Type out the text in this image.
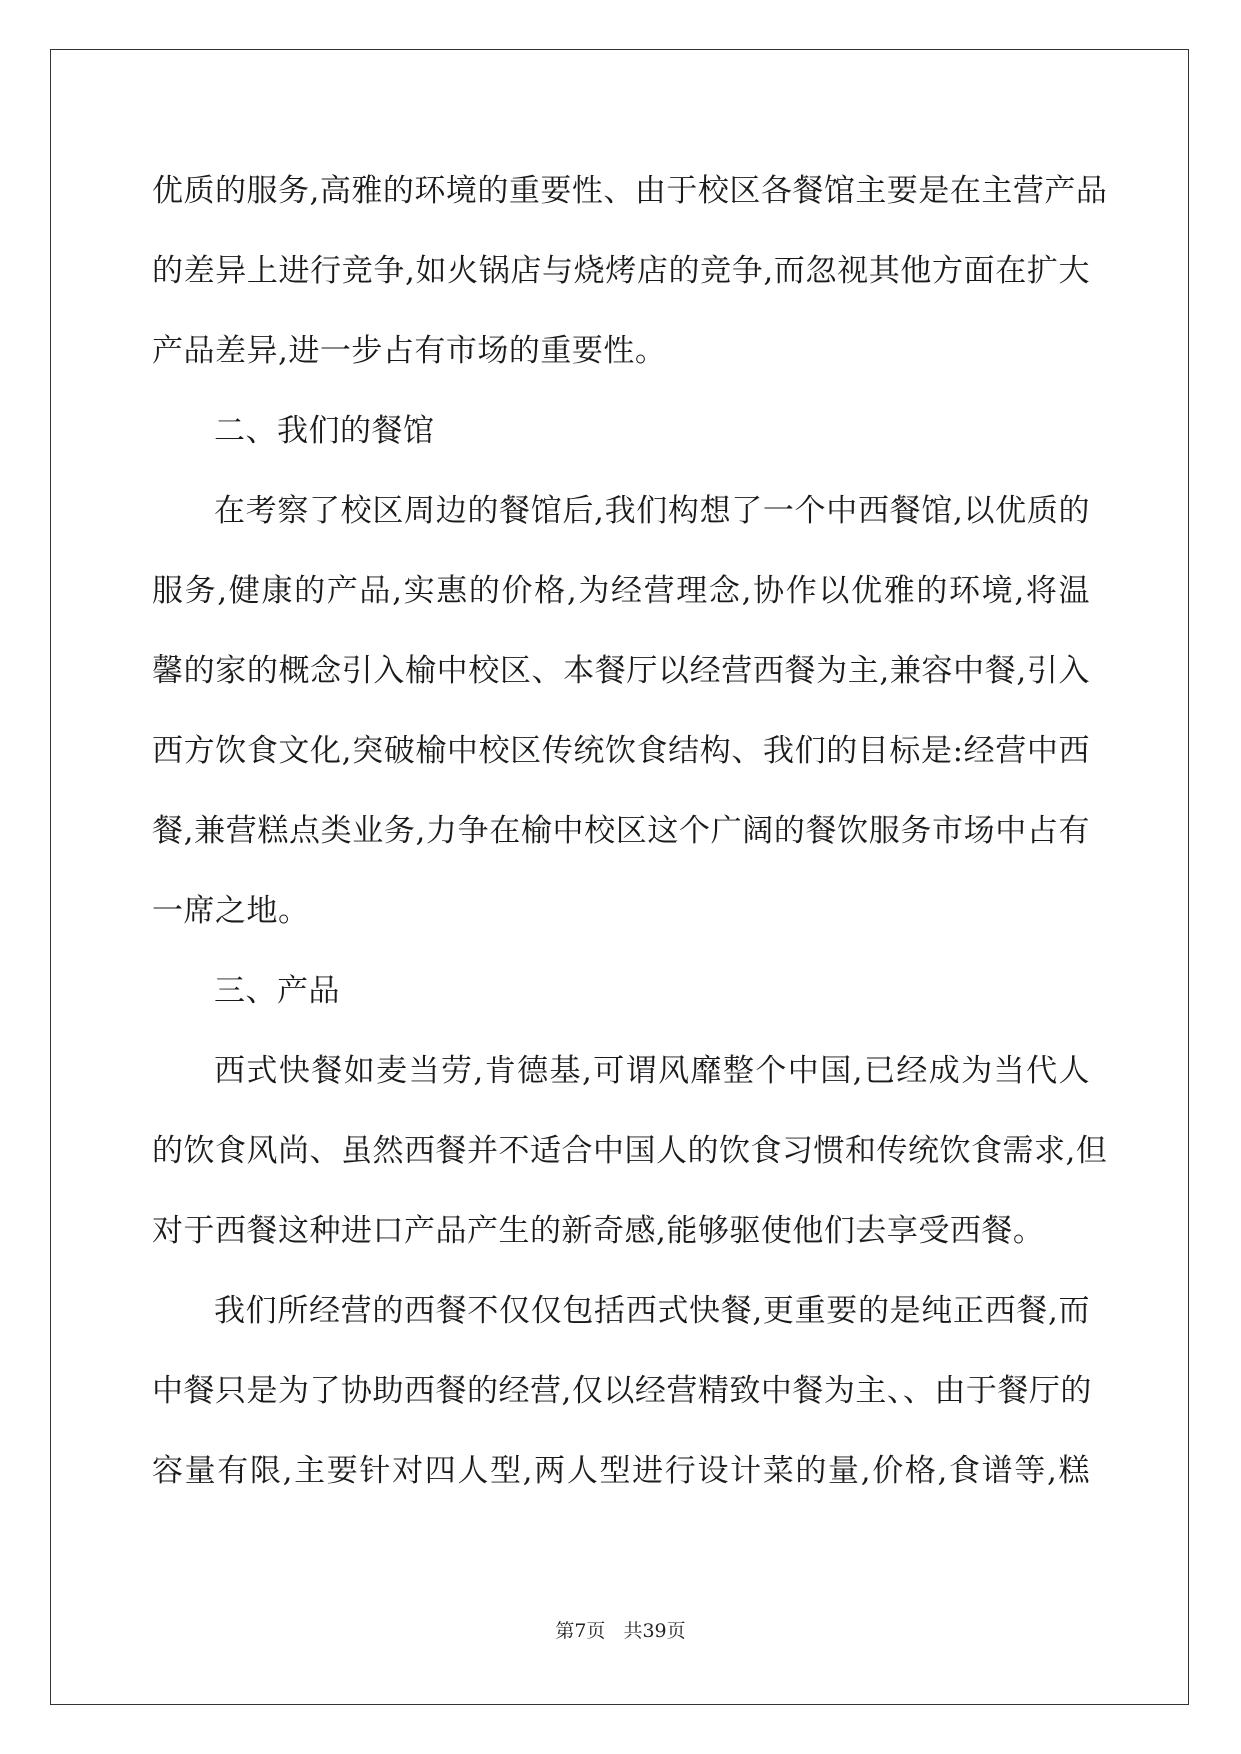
优质的服务,高雅的环境的重要性、由于校区各餐馆主要是在主营产品
的差异上进行竞争,如火锅店与烧烤店的竞争,而忽视其他方面在扩大
产品差异,进一步占有市场的重要性。
二、我们的餐馆
在考察了校区周边的餐馆后,我们构想了一个中西餐馆,以优质的
服务,健康的产品,实惠的价格,为经营理念,协作以优雅的环境,将温
馨的家的概念引入榆中校区、本餐厅以经营西餐为主,兼容中餐,引入
西方饮食文化,突破榆中校区传统饮食结构、我们的目标是:经营中西
餐,兼营糕点类业务,力争在榆中校区这个广阔的餐饮服务市场中占有
一席之地。
三、产品
西式快餐如麦当劳,肯德基,可谓风靡整个中国,已经成为当代人
的饮食风尚、虽然西餐并不适合中国人的饮食习惯和传统饮食需求,但
对于西餐这种进口产品产生的新奇感,能够驱使他们去享受西餐。
我们所经营的西餐不仅仅包括西式快餐,更重要的是纯正西餐,而
中餐只是为了协助西餐的经营,仅以经营精致中餐为主、、由于餐厅的
容量有限,主要针对四人型,两人型进行设计菜的量,价格,食谱等,糕
第7页 共39页
